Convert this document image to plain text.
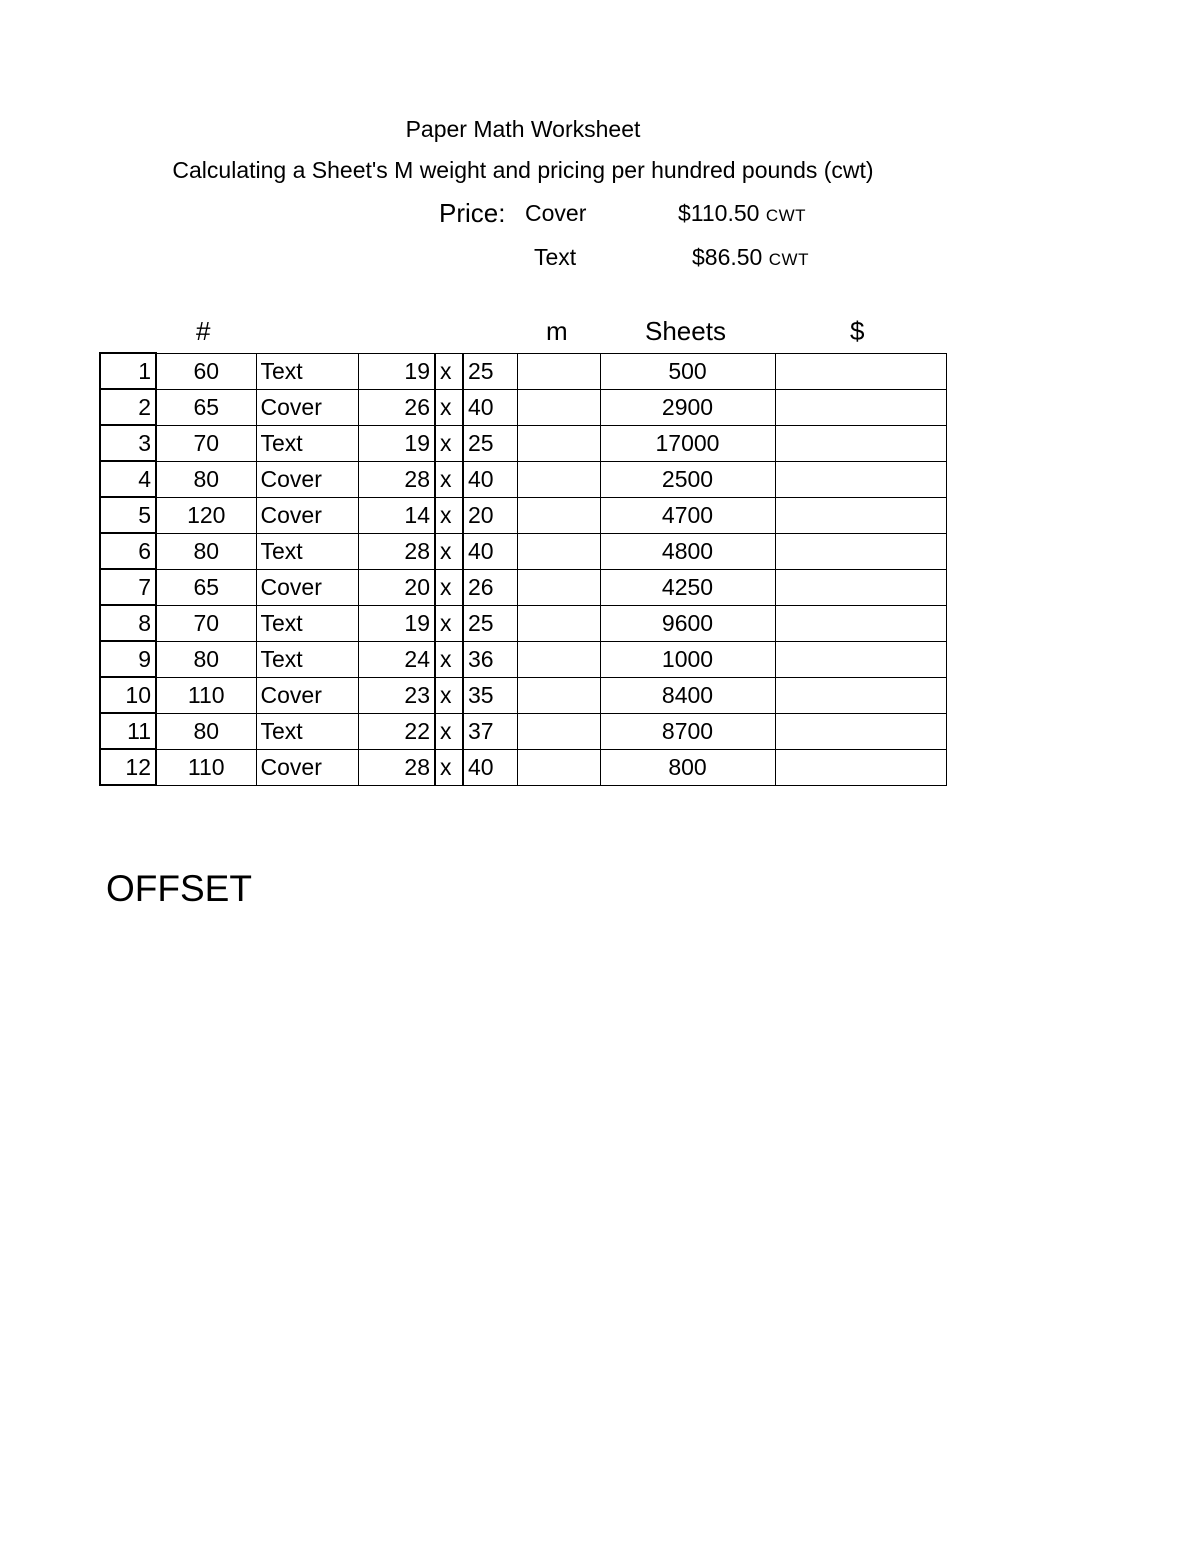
Paper Math Worksheet
Calculating a Sheet's M weight and pricing per hundred pounds (cwt)
Price: Cover	$110.50 CWT
Text	$86.50 CWT
#	m	Sheets	$
1	60	Text	19	x	25		500	
2	65	Cover	26	x	40		2900	
3	70	Text	19	x	25		17000	
4	80	Cover	28	x	40		2500	
5	120	Cover	14	x	20		4700	
6	80	Text	28	x	40		4800	
7	65	Cover	20	x	26		4250	
8	70	Text	19	x	25		9600	
9	80	Text	24	x	36		1000	
10	110	Cover	23	x	35		8400	
11	80	Text	22	x	37		8700	
12	110	Cover	28	x	40		800	
OFFSET
